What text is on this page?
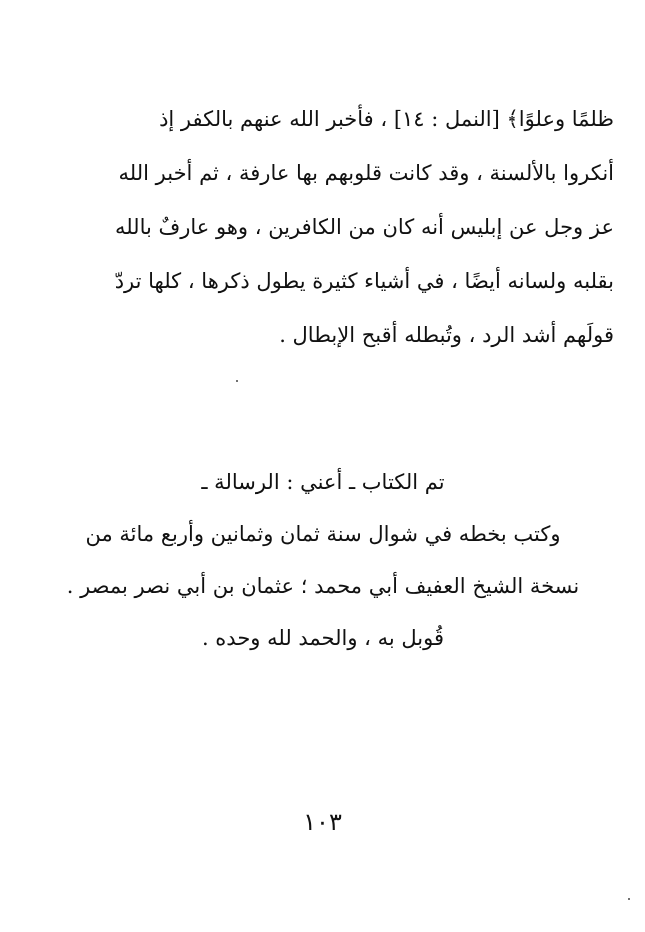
ظلمًا وعلوًا﴾ [النمل : ١٤] ، فأخبر الله عنهم بالكفر إذ
أنكروا بالألسنة ، وقد كانت قلوبهم بها عارفة ، ثم أخبر الله
عز وجل عن إبليس أنه كان من الكافرين ، وهو عارفٌ بالله
بقلبه ولسانه أيضًا ، في أشياء كثيرة يطول ذكرها ، كلها تردّ
قولَهم أشد الرد ، وتُبطله أقبح الإبطال .
تم الكتاب ـ أعني : الرسالة ـ
وكتب بخطه في شوال سنة ثمان وثمانين وأربع مائة من
نسخة الشيخ العفيف أبي محمد ؛ عثمان بن أبي نصر بمصر .
قُوبل به ، والحمد لله وحده .
١٠٣
